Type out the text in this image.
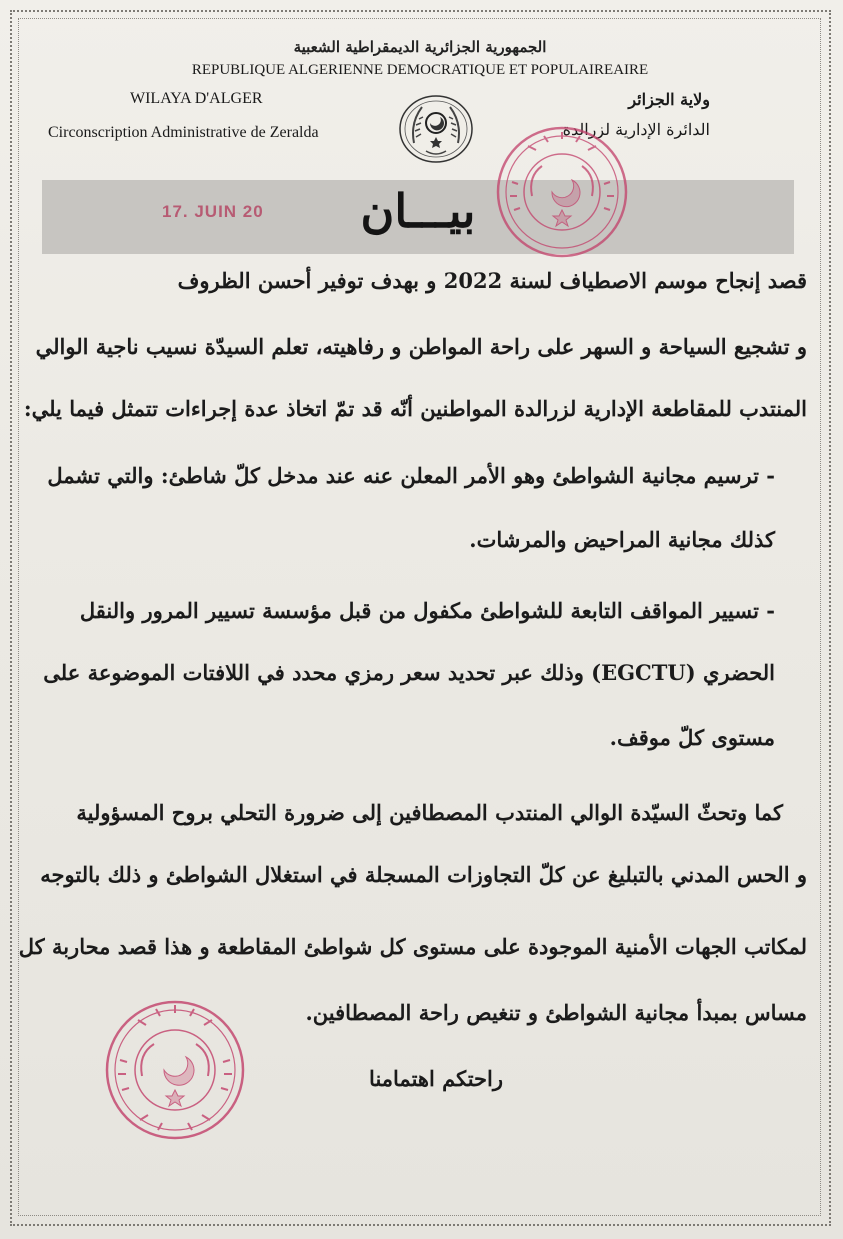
الجمهورية الجزائرية الديمقراطية الشعبية
REPUBLIQUE ALGERIENNE DEMOCRATIQUE ET POPULAIREAIRE
WILAYA D'ALGER
Circonscription Administrative de Zeralda
ولاية الجزائر
الدائرة الإدارية لزرالدة
17. JUIN 20	بيـــان
قصد إنجاح موسم الاصطياف لسنة 2022 و بهدف توفير أحسن الظروف
و تشجيع السياحة و السهر على راحة المواطن و رفاهيته، تعلم السيدّة نسيب ناجية الوالي
المنتدب للمقاطعة الإدارية لزرالدة المواطنين أنّه قد تمّ اتخاذ عدة إجراءات تتمثل فيما يلي:
- ترسيم مجانية الشواطئ وهو الأمر المعلن عنه عند مدخل كلّ شاطئ: والتي تشمل
كذلك مجانية المراحيض والمرشات.
- تسيير المواقف التابعة للشواطئ مكفول من قبل مؤسسة تسيير المرور والنقل
الحضري (EGCTU) وذلك عبر تحديد سعر رمزي محدد في اللافتات الموضوعة على
مستوى كلّ موقف.
كما وتحثّ السيّدة الوالي المنتدب المصطافين إلى ضرورة التحلي بروح المسؤولية
و الحس المدني بالتبليغ عن كلّ التجاوزات المسجلة في استغلال الشواطئ و ذلك بالتوجه
لمكاتب الجهات الأمنية الموجودة على مستوى كل شواطئ المقاطعة و هذا قصد محاربة كل
مساس بمبدأ مجانية الشواطئ و تنغيص راحة المصطافين.
راحتكم اهتمامنا
